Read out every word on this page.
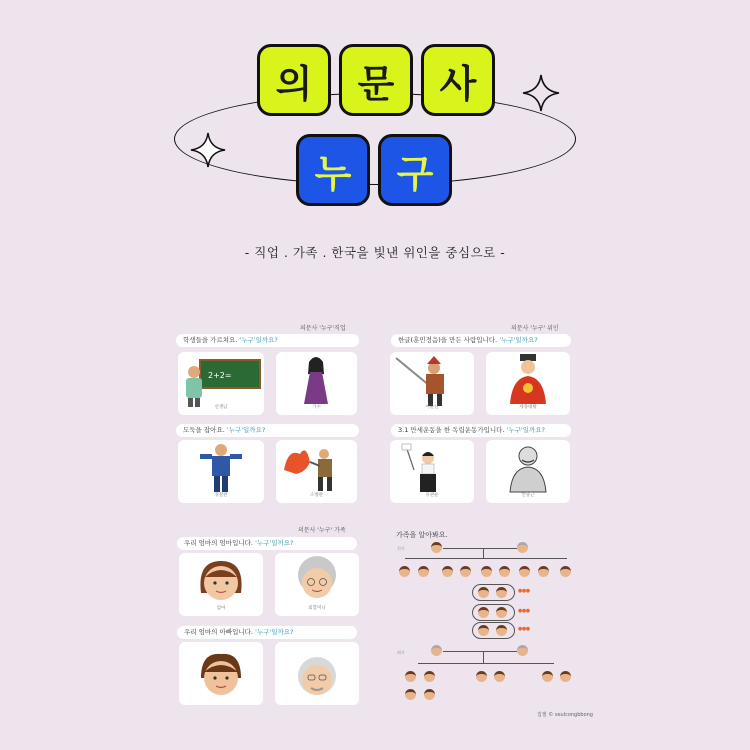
의	문	사
누	구
- 직업 . 가족 . 한국을 빛낸 위인을 중심으로 -
의문사 '누구'직업
학생들을 가르쳐요. '누구'일까요?
2+2=
선생님	가수
도둑을 잡아요. '누구'일까요?
경찰관	소방관
의문사 '누구' 위인
한글(훈민정음)을 만든 사람입니다. '누구'일까요?
이순신	세종대왕
3.1 만세운동을 한 독립운동가입니다. '누구'일까요?
유관순	안중근
의문사 '누구' 가족
우리 엄마의 엄마입니다. '누구'일까요?
엄마	외할머니
우리 엄마의 아빠입니다. '누구'일까요?
가족을 알아봐요.
친가
외가
●●●
●●●
●●●
집필 © seulcongbbong
